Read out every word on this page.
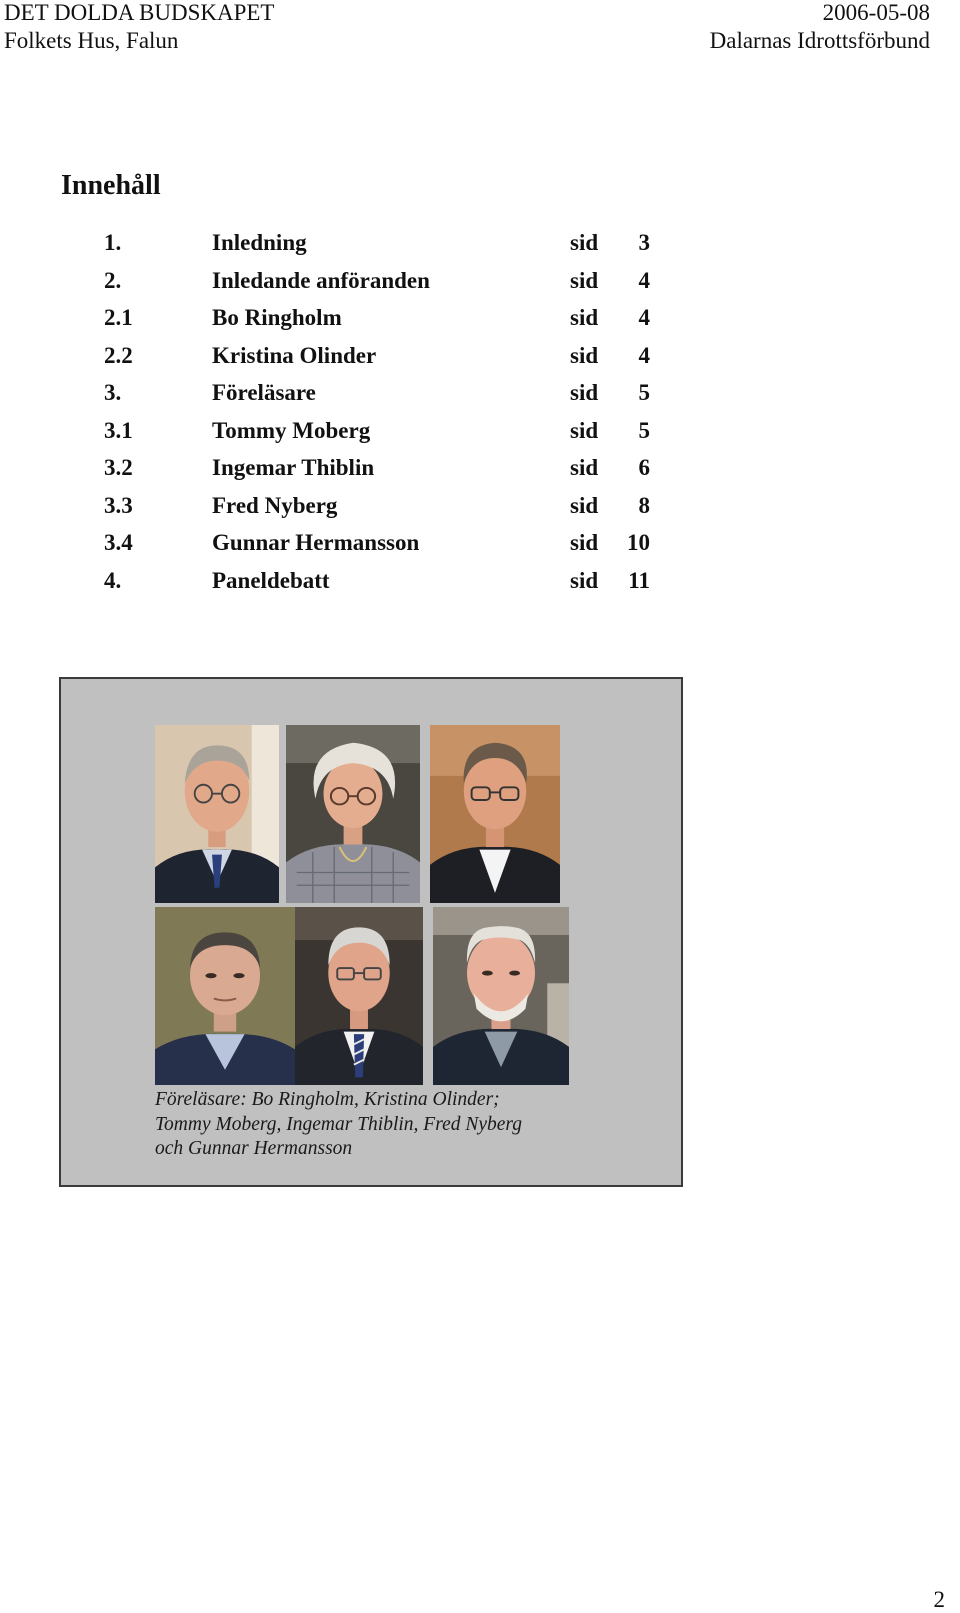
DET DOLDA BUDSKAPET
Folkets Hus, Falun
2006-05-08
Dalarnas Idrottsförbund
Innehåll
1.	Inledning	sid	3
2.	Inledande anföranden	sid	4
2.1	Bo Ringholm	sid	4
2.2	Kristina Olinder	sid	4
3.	Föreläsare	sid	5
3.1	Tommy Moberg	sid	5
3.2	Ingemar Thiblin	sid	6
3.3	Fred Nyberg	sid	8
3.4	Gunnar Hermansson	sid	10
4.	Paneldebatt	sid	11
Föreläsare: Bo Ringholm, Kristina Olinder;
Tommy Moberg, Ingemar Thiblin, Fred Nyberg
och Gunnar Hermansson
2
